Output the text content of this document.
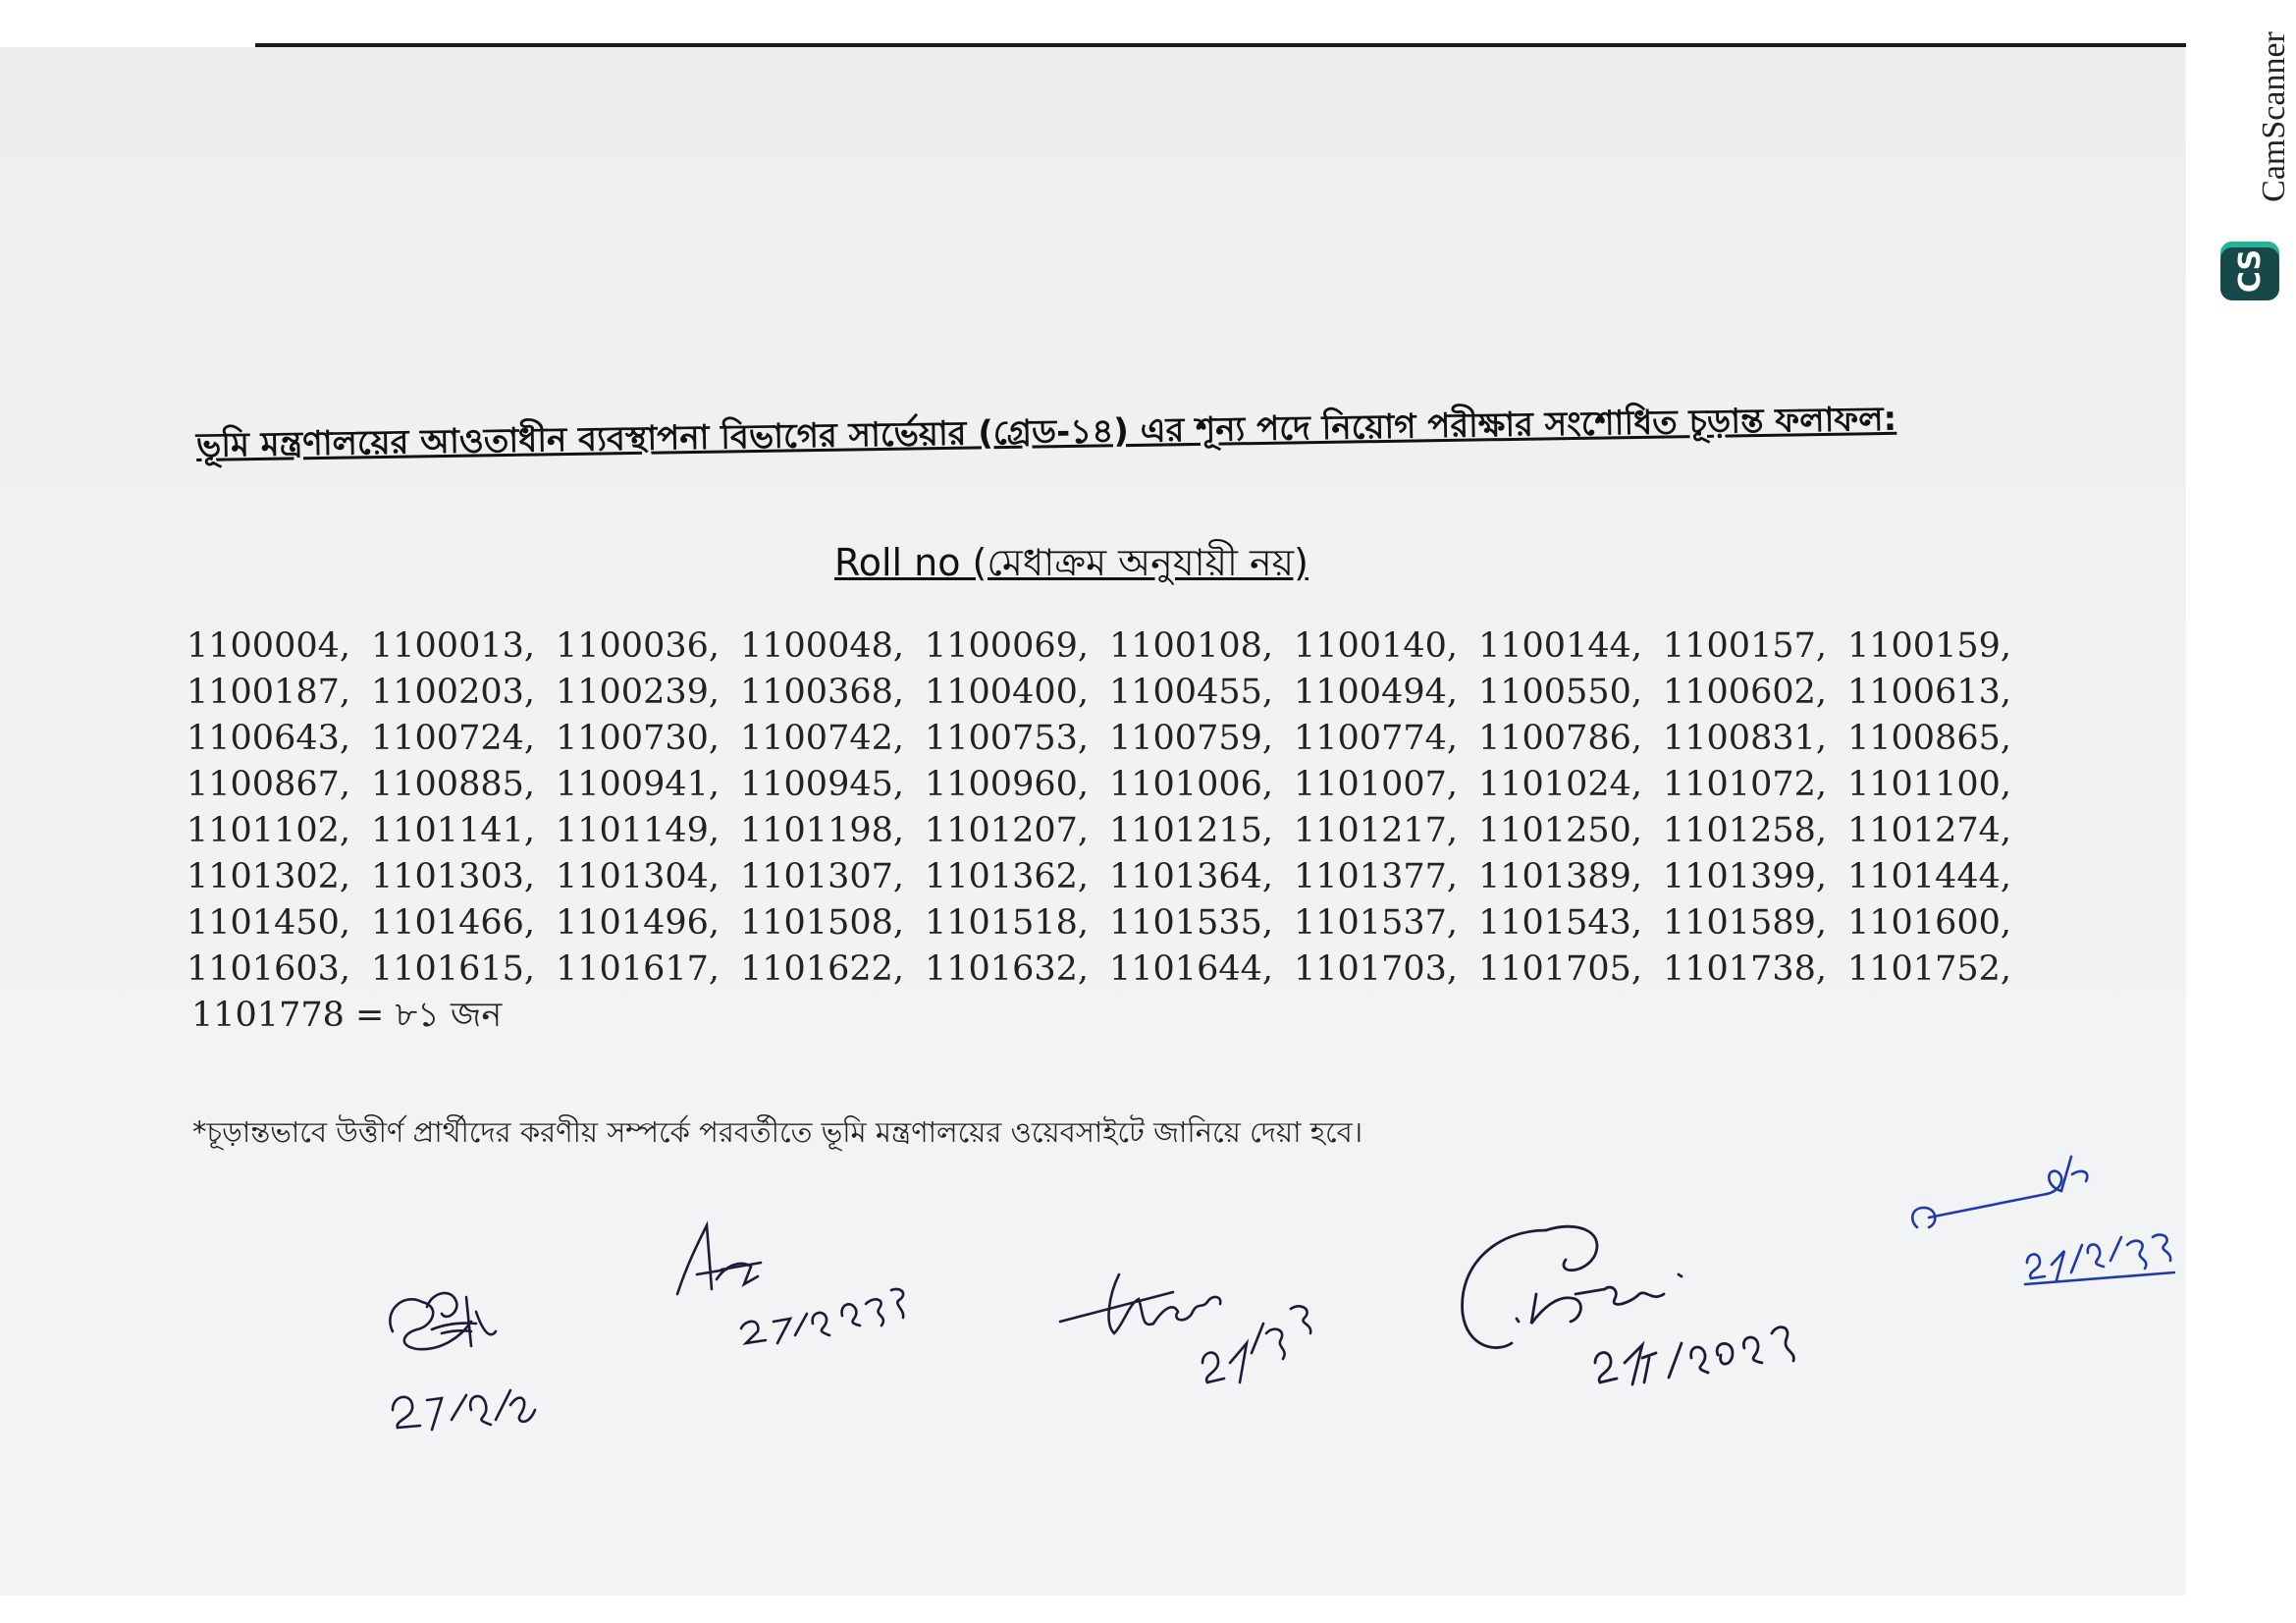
ভূমি মন্ত্রণালয়ের আওতাধীন ব্যবস্থাপনা বিভাগের সার্ভেয়ার (গ্রেড-১৪) এর শূন্য পদে নিয়োগ পরীক্ষার সংশোধিত চূড়ান্ত ফলাফল:
Roll no (মেধাক্রম অনুযায়ী নয়)
1100004, 1100013, 1100036, 1100048, 1100069, 1100108, 1100140, 1100144, 1100157, 1100159,
1100187, 1100203, 1100239, 1100368, 1100400, 1100455, 1100494, 1100550, 1100602, 1100613,
1100643, 1100724, 1100730, 1100742, 1100753, 1100759, 1100774, 1100786, 1100831, 1100865,
1100867, 1100885, 1100941, 1100945, 1100960, 1101006, 1101007, 1101024, 1101072, 1101100,
1101102, 1101141, 1101149, 1101198, 1101207, 1101215, 1101217, 1101250, 1101258, 1101274,
1101302, 1101303, 1101304, 1101307, 1101362, 1101364, 1101377, 1101389, 1101399, 1101444,
1101450, 1101466, 1101496, 1101508, 1101518, 1101535, 1101537, 1101543, 1101589, 1101600,
1101603, 1101615, 1101617, 1101622, 1101632, 1101644, 1101703, 1101705, 1101738, 1101752,
1101778 = ৮১ জন
*চূড়ান্তভাবে উত্তীর্ণ প্রার্থীদের করণীয় সম্পর্কে পরবর্তীতে ভূমি মন্ত্রণালয়ের ওয়েবসাইটে জানিয়ে দেয়া হবে।
CamScanner
CS
